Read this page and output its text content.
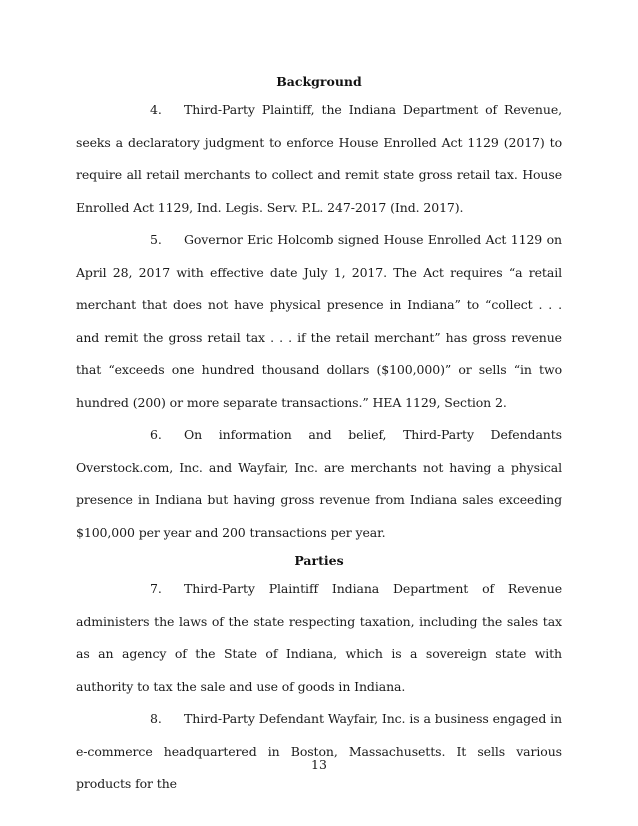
Background

4. Third-Party Plaintiff, the Indiana Department of Revenue, seeks a declaratory judgment to enforce House Enrolled Act 1129 (2017) to require all retail merchants to collect and remit state gross retail tax. House Enrolled Act 1129, Ind. Legis. Serv. P.L. 247-2017 (Ind. 2017).

5. Governor Eric Holcomb signed House Enrolled Act 1129 on April 28, 2017 with effective date July 1, 2017. The Act requires “a retail merchant that does not have physical presence in Indiana” to “collect . . . and remit the gross retail tax . . . if the retail merchant” has gross revenue that “exceeds one hundred thousand dollars ($100,000)” or sells “in two hundred (200) or more separate transactions.” HEA 1129, Section 2.

6. On information and belief, Third-Party Defendants Overstock.com, Inc. and Wayfair, Inc. are merchants not having a physical presence in Indiana but having gross revenue from Indiana sales exceeding $100,000 per year and 200 transactions per year.

Parties

7. Third-Party Plaintiff Indiana Department of Revenue administers the laws of the state respecting taxation, including the sales tax as an agency of the State of Indiana, which is a sovereign state with authority to tax the sale and use of goods in Indiana.

8. Third-Party Defendant Wayfair, Inc. is a business engaged in e-commerce headquartered in Boston, Massachusetts. It sells various products for the

13
